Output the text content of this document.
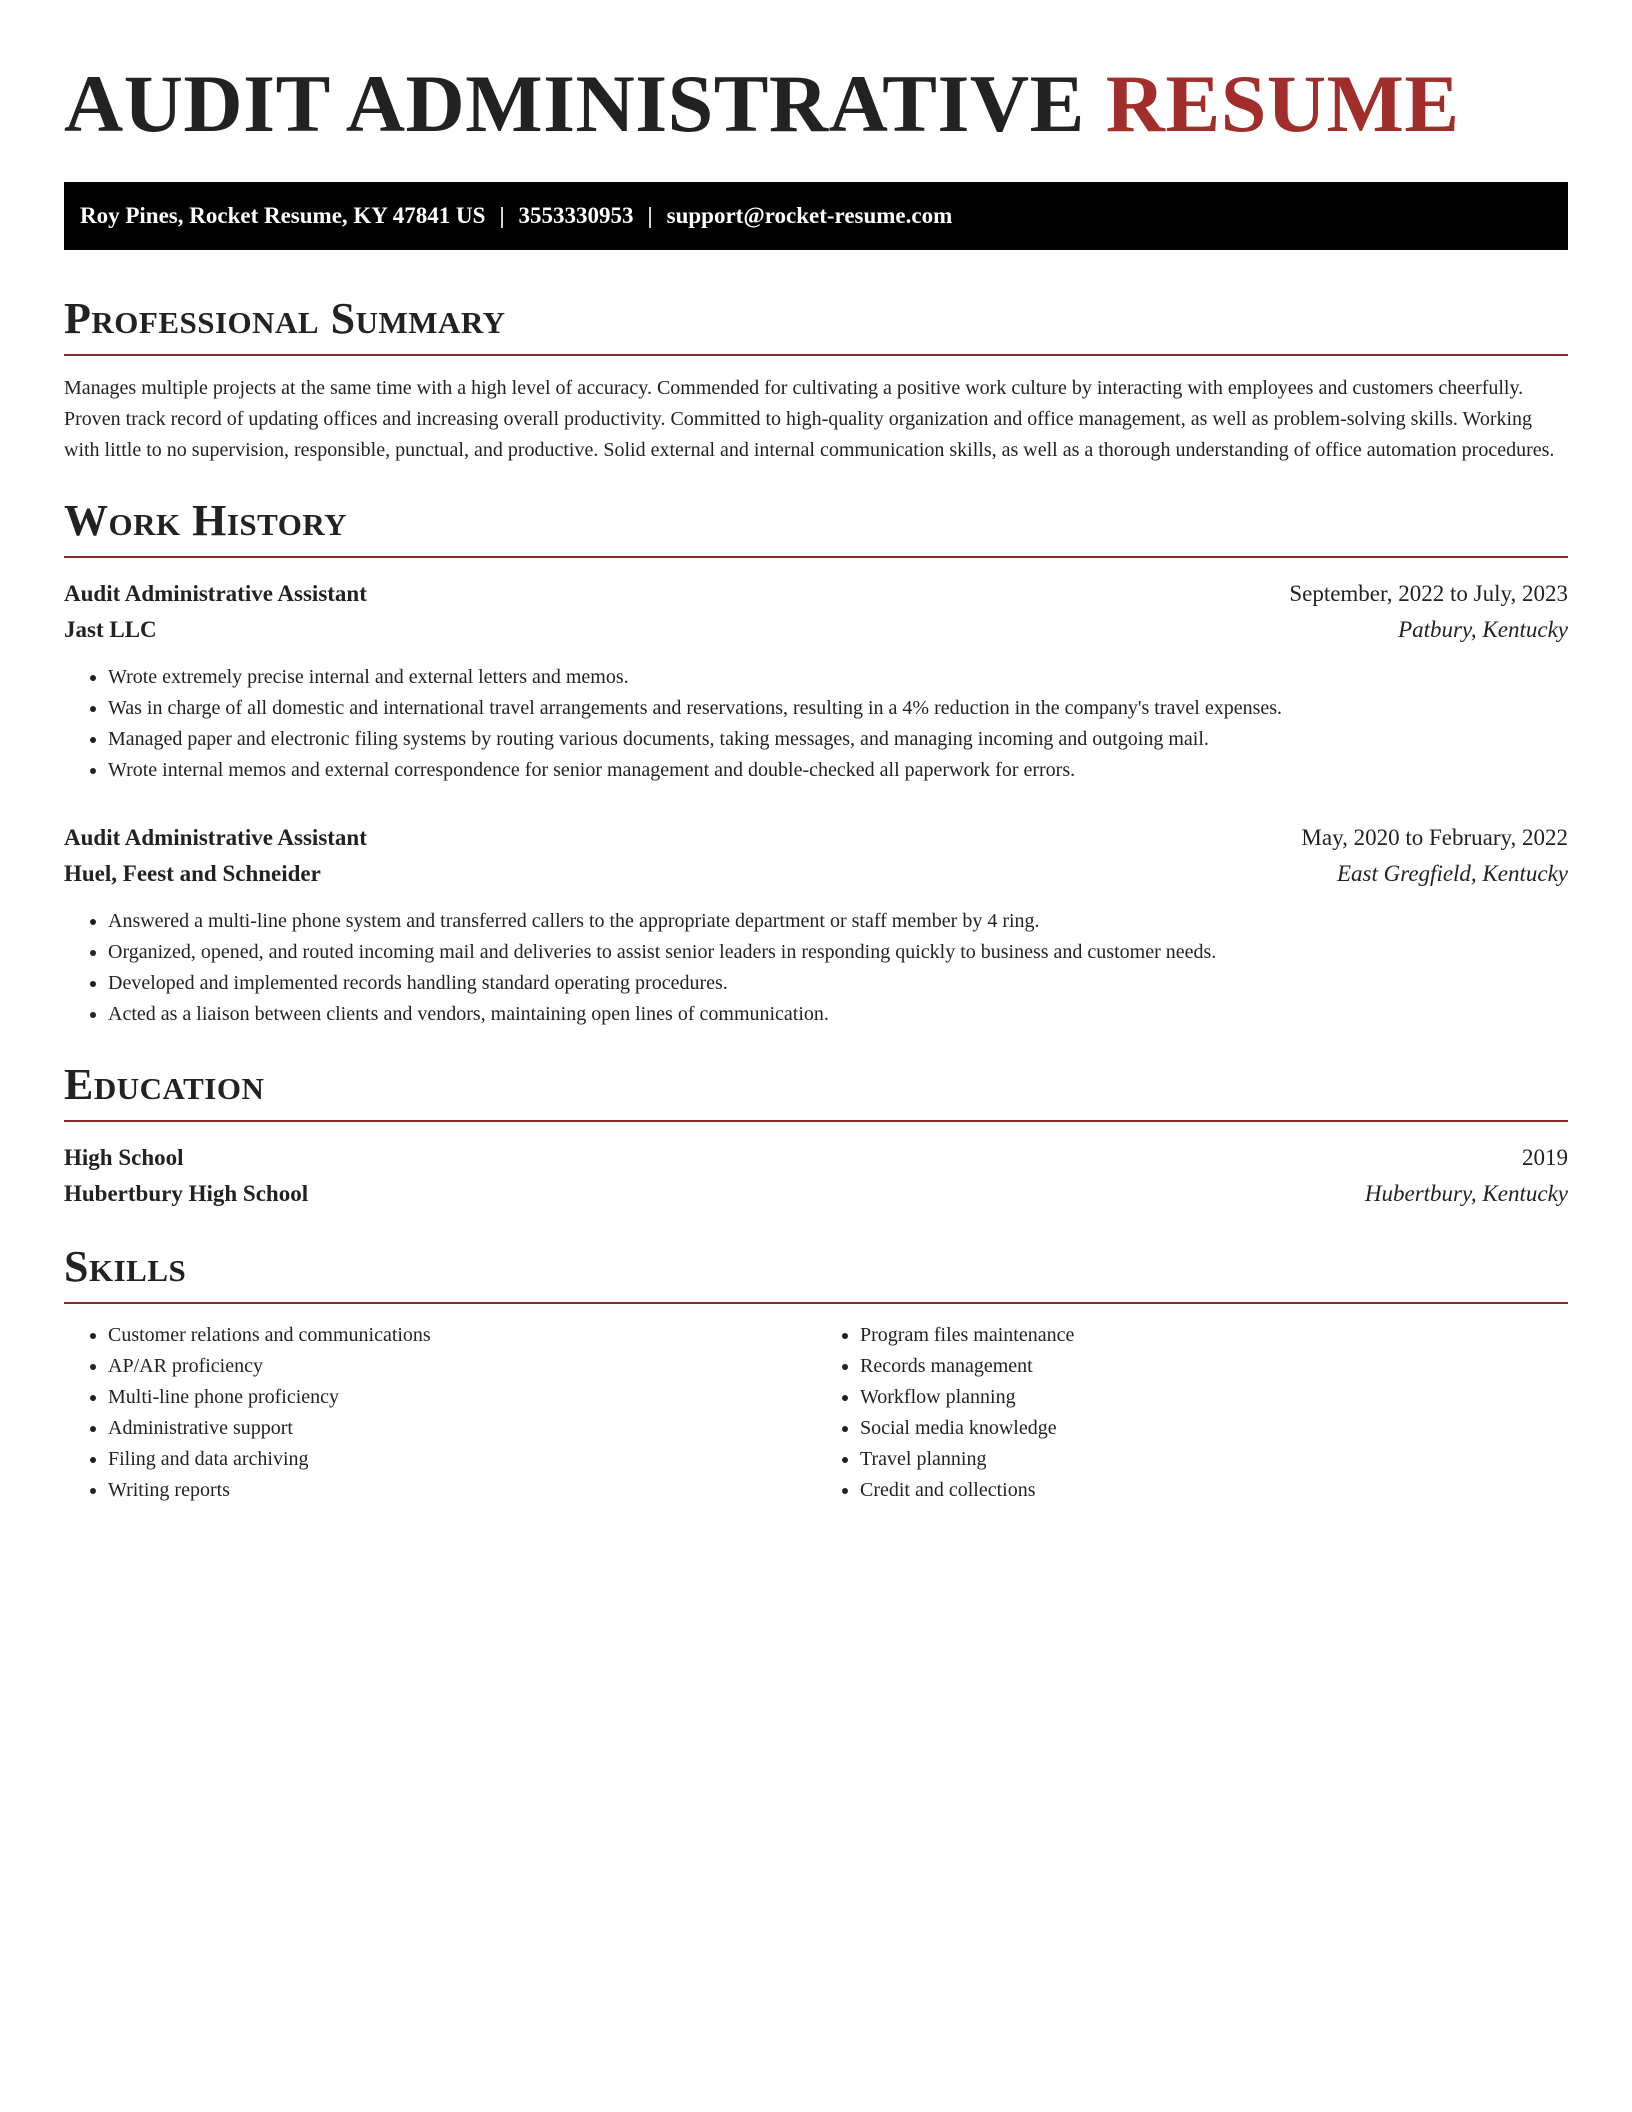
AUDIT ADMINISTRATIVE RESUME
Roy Pines, Rocket Resume, KY 47841 US | 3553330953 | support@rocket-resume.com
Professional Summary

Manages multiple projects at the same time with a high level of accuracy. Commended for cultivating a positive work culture by interacting with employees and customers cheerfully. Proven track record of updating offices and increasing overall productivity. Committed to high-quality organization and office management, as well as problem-solving skills. Working with little to no supervision, responsible, punctual, and productive. Solid external and internal communication skills, as well as a thorough understanding of office automation procedures.

Work History
Audit Administrative Assistant	September, 2022 to July, 2023
Jast LLC	Patbury, Kentucky
• Wrote extremely precise internal and external letters and memos.
• Was in charge of all domestic and international travel arrangements and reservations, resulting in a 4% reduction in the company's travel expenses.
• Managed paper and electronic filing systems by routing various documents, taking messages, and managing incoming and outgoing mail.
• Wrote internal memos and external correspondence for senior management and double-checked all paperwork for errors.
Audit Administrative Assistant	May, 2020 to February, 2022
Huel, Feest and Schneider	East Gregfield, Kentucky
• Answered a multi-line phone system and transferred callers to the appropriate department or staff member by 4 ring.
• Organized, opened, and routed incoming mail and deliveries to assist senior leaders in responding quickly to business and customer needs.
• Developed and implemented records handling standard operating procedures.
• Acted as a liaison between clients and vendors, maintaining open lines of communication.
Education
High School	2019
Hubertbury High School	Hubertbury, Kentucky
Skills
• Customer relations and communications
• AP/AR proficiency
• Multi-line phone proficiency
• Administrative support
• Filing and data archiving
• Writing reports
• Program files maintenance
• Records management
• Workflow planning
• Social media knowledge
• Travel planning
• Credit and collections
